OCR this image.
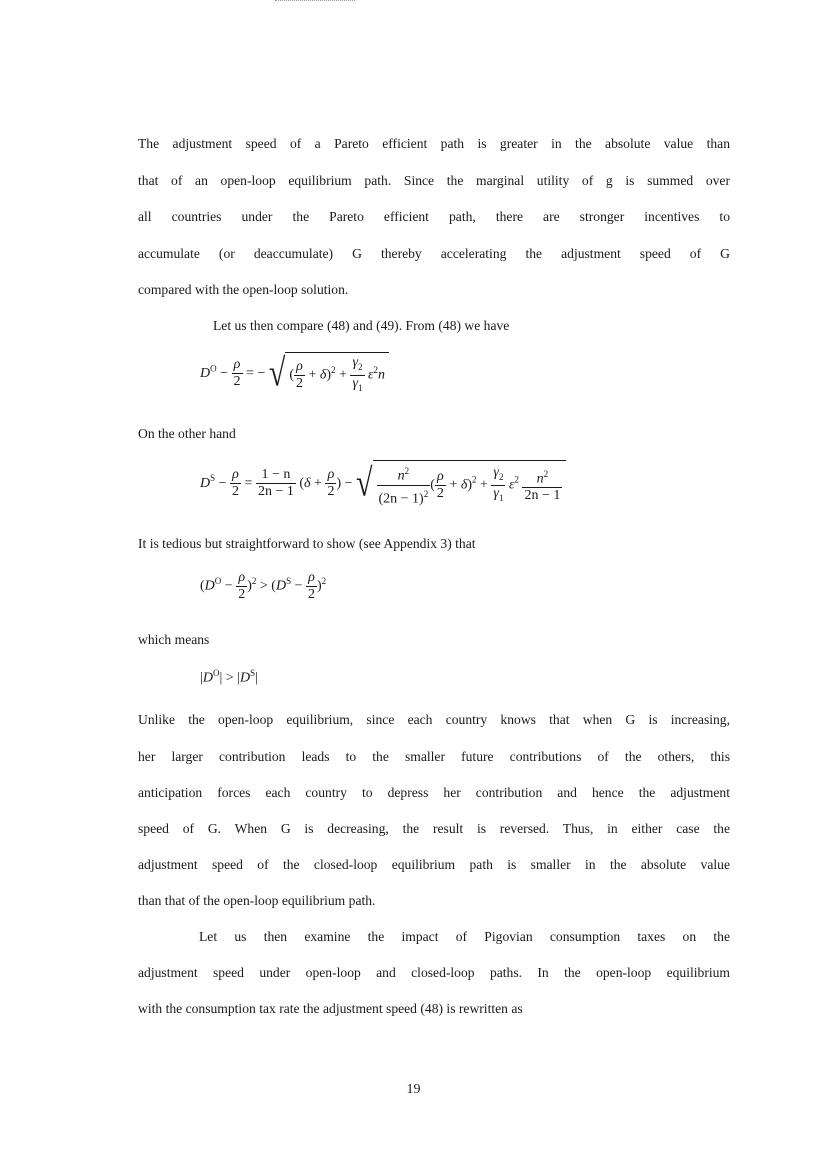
The adjustment speed of a Pareto efficient path is greater in the absolute value than
that of an open-loop equilibrium path. Since the marginal utility of g is summed over
all countries under the Pareto efficient path, there are stronger incentives to
accumulate (or deaccumulate) G thereby accelerating the adjustment speed of G
compared with the open-loop solution.
Let us then compare (48) and (49). From (48) we have
$D^O - \frac{\rho}{2}$ = − √ ( $\frac{\rho}{2} + \delta)^2 + \frac{\gamma_2}{\gamma_1} \varepsilon^2n$
On the other hand
$D^S - \frac{\rho}{2} = \frac{1 - n}{2n - 1} (\delta + \frac{\rho}{2}$ ) − √ $\frac{n^2}{(2n - 1)^2}$ ( $\frac{\rho}{2} + \delta)^2 + \frac{\gamma_2}{\gamma_1} \varepsilon^2 \frac{n^2}{2n - 1}$
It is tedious but straightforward to show (see Appendix 3) that
$(D^O - \frac{\rho}{2} )^2 > (D^S - \frac{\rho}{2} )^2$
which means
$|D^O| > |D^S|$
Unlike the open-loop equilibrium, since each country knows that when G is increasing,
her larger contribution leads to the smaller future contributions of the others, this
anticipation forces each country to depress her contribution and hence the adjustment
speed of G. When G is decreasing, the result is reversed. Thus, in either case the
adjustment speed of the closed-loop equilibrium path is smaller in the absolute value
than that of the open-loop equilibrium path.
Let us then examine the impact of Pigovian consumption taxes on the
adjustment speed under open-loop and closed-loop paths. In the open-loop equilibrium
with the consumption tax rate the adjustment speed (48) is rewritten as
19
